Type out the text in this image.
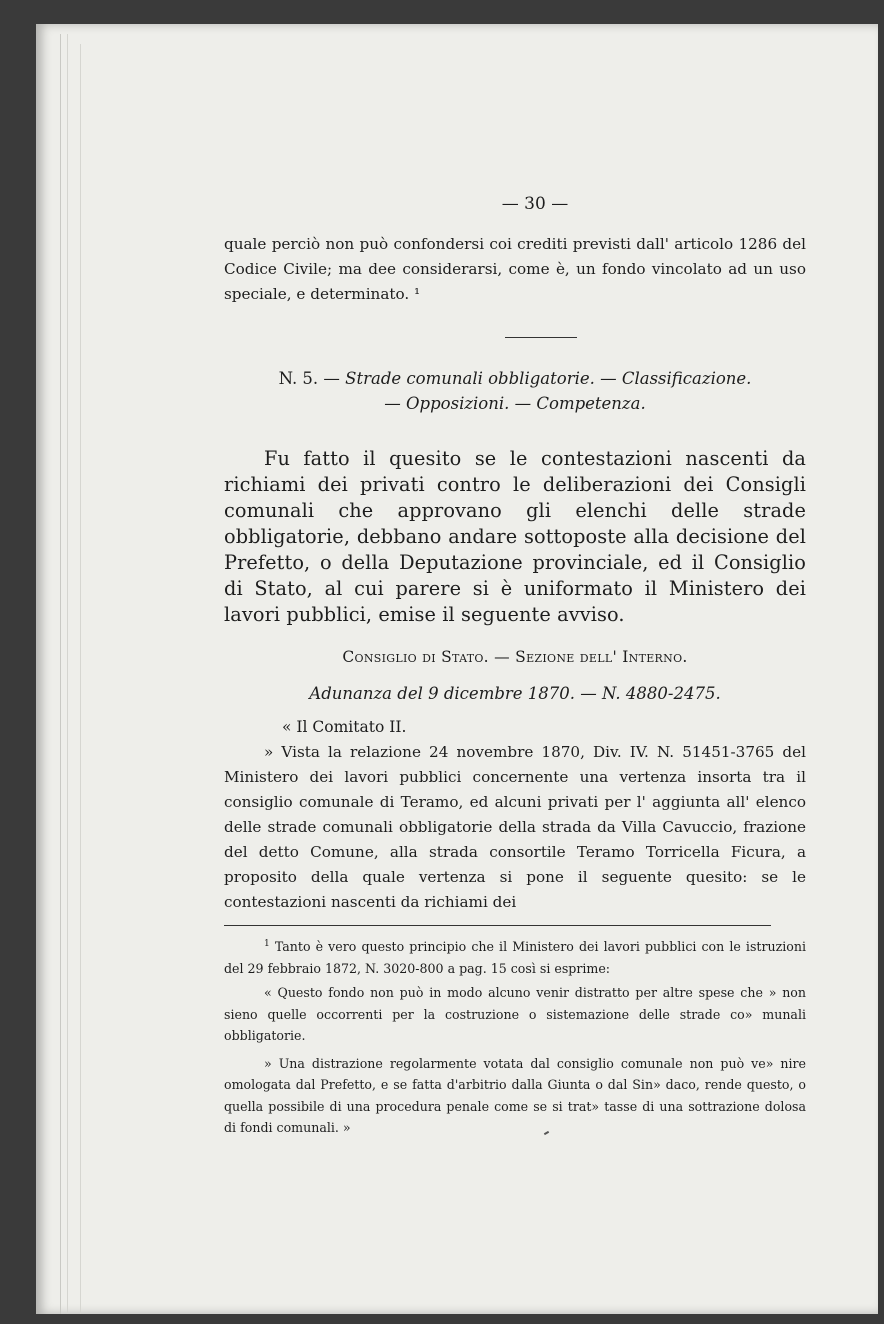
— 30 —

quale perciò non può confondersi coi crediti previsti dall' articolo 1286 del Codice Civile; ma dee considerarsi, come è, un fondo vincolato ad un uso speciale, e determinato. ¹

N. 5. — Strade comunali obbligatorie. — Classificazione.
— Opposizioni. — Competenza.

Fu fatto il quesito se le contestazioni nascenti da richiami dei privati contro le deliberazioni dei Consigli comunali che approvano gli elenchi delle strade obbligatorie, debbano andare sottoposte alla decisione del Prefetto, o della Deputazione provinciale, ed il Consiglio di Stato, al cui parere si è uniformato il Ministero dei lavori pubblici, emise il seguente avviso.

Consiglio di Stato. — Sezione dell' Interno.
Adunanza del 9 dicembre 1870. — N. 4880-2475.
« Il Comitato II.

» Vista la relazione 24 novembre 1870, Div. IV. N. 51451-3765 del Ministero dei lavori pubblici concernente una vertenza insorta tra il consiglio comunale di Teramo, ed alcuni privati per l' aggiunta all' elenco delle strade comunali obbligatorie della strada da Villa Cavuccio, frazione del detto Comune, alla strada consortile Teramo Torricella Ficura, a proposito della quale vertenza si pone il seguente quesito: se le contestazioni nascenti da richiami dei

$^1$ Tanto è vero questo principio che il Ministero dei lavori pubblici con le istruzioni del 29 febbraio 1872, N. 3020-800 a pag. 15 così si esprime:

« Questo fondo non può in modo alcuno venir distratto per altre spese che » non sieno quelle occorrenti per la costruzione o sistemazione delle strade co» munali obbligatorie.

» Una distrazione regolarmente votata dal consiglio comunale non può ve» nire omologata dal Prefetto, e se fatta d'arbitrio dalla Giunta o dal Sin» daco, rende questo, o quella possibile di una procedura penale come se si trat» tasse di una sottrazione dolosa di fondi comunali. »
